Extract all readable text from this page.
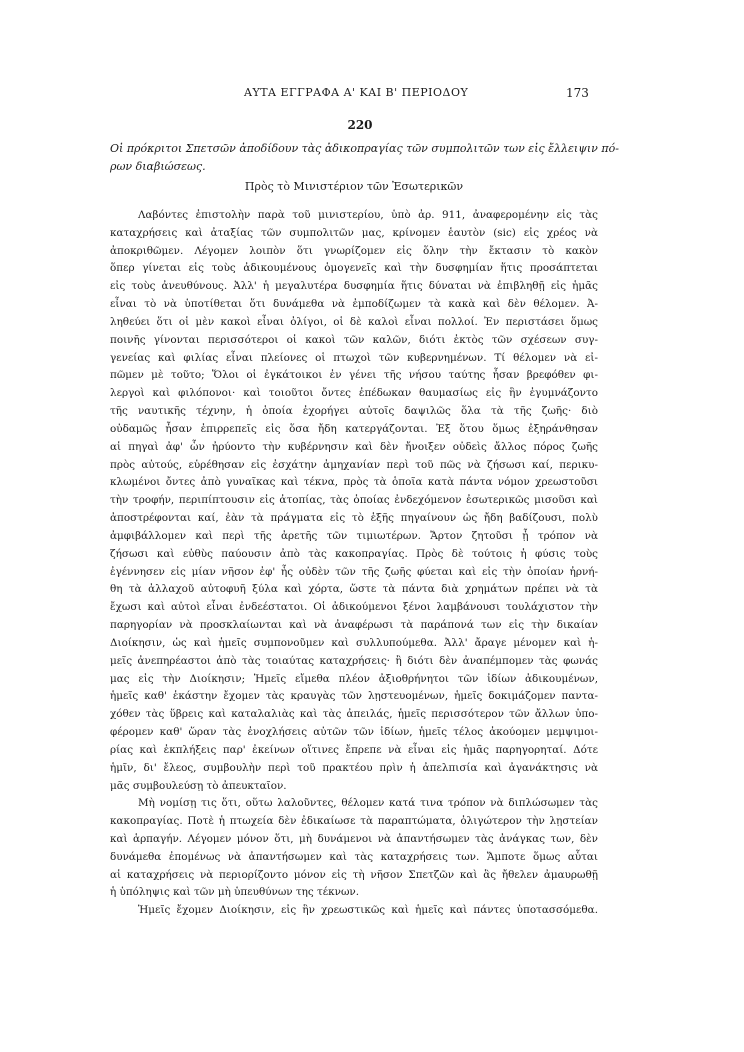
ΑΥΤΑ ΕΓΓΡΑΦΑ Α' ΚΑΙ Β' ΠΕΡΙΟΔΟΥ	173
220
Οἱ πρόκριτοι Σπετσῶν ἀποδίδουν τὰς ἀδικοπραγίας τῶν συμπολιτῶν των εἰς ἔλλειψιν πό-
ρων διαβιώσεως.
Πρὸς τὸ Μινιστέριον τῶν Ἐσωτερικῶν
Λαβόντες ἐπιστολὴν παρὰ τοῦ μινιστερίου, ὑπὸ ἀρ. 911, ἀναφερομένην εἰς τὰς
καταχρήσεις καὶ ἀταξίας τῶν συμπολιτῶν μας, κρίνομεν ἑαυτὸν (sic) εἰς χρέος νὰ
ἀποκριθῶμεν. Λέγομεν λοιπὸν ὅτι γνωρίζομεν εἰς ὅλην τὴν ἔκτασιν τὸ κακὸν
ὅπερ γίνεται εἰς τοὺς ἀδικουμένους ὁμογενεῖς καὶ τὴν δυσφημίαν ἥτις προσάπτεται
εἰς τοὺς ἀνευθύνους. Ἀλλ' ἡ μεγαλυτέρα δυσφημία ἥτις δύναται νὰ ἐπιβληθῇ εἰς ἡμᾶς
εἶναι τὸ νὰ ὑποτίθεται ὅτι δυνάμεθα νὰ ἐμποδίζωμεν τὰ κακὰ καὶ δὲν θέλομεν. Ἀ-
ληθεύει ὅτι οἱ μὲν κακοὶ εἶναι ὀλίγοι, οἱ δὲ καλοὶ εἶναι πολλοί. Ἐν περιστάσει ὅμως
ποινῆς γίνονται περισσότεροι οἱ κακοὶ τῶν καλῶν, διότι ἐκτὸς τῶν σχέσεων συγ-
γενείας καὶ φιλίας εἶναι πλείονες οἱ πτωχοὶ τῶν κυβερνημένων. Τί θέλομεν νὰ εἰ-
πῶμεν μὲ τοῦτο; Ὅλοι οἱ ἐγκάτοικοι ἐν γένει τῆς νήσου ταύτης ἦσαν βρεφόθεν φι-
λεργοὶ καὶ φιλόπονοι· καὶ τοιοῦτοι ὄντες ἐπέδωκαν θαυμασίως εἰς ἣν ἐγυμνάζοντο
τῆς ναυτικῆς τέχνην, ἡ ὁποία ἐχορήγει αὐτοῖς δαψιλῶς ὅλα τὰ τῆς ζωῆς· διὸ
οὐδαμῶς ἦσαν ἐπιρρεπεῖς εἰς ὅσα ἤδη κατεργάζονται. Ἐξ ὅτου ὅμως ἐξηράνθησαν
αἱ πηγαὶ ἀφ' ὧν ἠρύοντο τὴν κυβέρνησιν καὶ δὲν ἤνοιξεν οὐδεὶς ἄλλος πόρος ζωῆς
πρὸς αὐτούς, εὑρέθησαν εἰς ἐσχάτην ἀμηχανίαν περὶ τοῦ πῶς νὰ ζήσωσι καί, περικυ-
κλωμένοι ὄντες ἀπὸ γυναῖκας καὶ τέκνα, πρὸς τὰ ὁποῖα κατὰ πάντα νόμον χρεωστοῦσι
τὴν τροφήν, περιπίπτουσιν εἰς ἀτοπίας, τὰς ὁποίας ἐνδεχόμενον ἐσωτερικῶς μισοῦσι καὶ
ἀποστρέφονται καί, ἐὰν τὰ πράγματα εἰς τὸ ἑξῆς πηγαίνουν ὡς ἤδη βαδίζουσι, πολὺ
ἀμφιβάλλομεν καὶ περὶ τῆς ἀρετῆς τῶν τιμιωτέρων. Ἄρτον ζητοῦσι ᾗ τρόπον νὰ
ζήσωσι καὶ εὐθὺς παύουσιν ἀπὸ τὰς κακοπραγίας. Πρὸς δὲ τούτοις ἡ φύσις τοὺς
ἐγέννησεν εἰς μίαν νῆσον ἐφ' ἧς οὐδὲν τῶν τῆς ζωῆς φύεται καὶ εἰς τὴν ὁποίαν ἠρνή-
θη τὰ ἀλλαχοῦ αὐτοφυῆ ξύλα καὶ χόρτα, ὥστε τὰ πάντα διὰ χρημάτων πρέπει νὰ τὰ
ἔχωσι καὶ αὐτοὶ εἶναι ἐνδεέστατοι. Οἱ ἀδικούμενοι ξένοι λαμβάνουσι τουλάχιστον τὴν
παρηγορίαν νὰ προσκλαίωνται καὶ νὰ ἀναφέρωσι τὰ παράπονά των εἰς τὴν δικαίαν
Διοίκησιν, ὡς καὶ ἡμεῖς συμπονοῦμεν καὶ συλλυπούμεθα. Ἀλλ' ἄραγε μένομεν καὶ ἡ-
μεῖς ἀνεπηρέαστοι ἀπὸ τὰς τοιαύτας καταχρήσεις· ἢ διότι δὲν ἀναπέμπομεν τὰς φωνάς
μας εἰς τὴν Διοίκησιν; Ἡμεῖς εἴμεθα πλέον ἀξιοθρήνητοι τῶν ἰδίων ἀδικουμένων,
ἡμεῖς καθ' ἑκάστην ἔχομεν τὰς κραυγὰς τῶν λῃστευομένων, ἡμεῖς δοκιμάζομεν παντα-
χόθεν τὰς ὕβρεις καὶ καταλαλιὰς καὶ τὰς ἀπειλάς, ἡμεῖς περισσότερον τῶν ἄλλων ὑπο-
φέρομεν καθ' ὥραν τὰς ἐνοχλήσεις αὐτῶν τῶν ἰδίων, ἡμεῖς τέλος ἀκούομεν μεμψιμοι-
ρίας καὶ ἐκπλήξεις παρ' ἐκείνων οἵτινες ἔπρεπε νὰ εἶναι εἰς ἡμᾶς παρηγορηταί. Δότε
ἡμῖν, δι' ἔλεος, συμβουλὴν περὶ τοῦ πρακτέου πρὶν ἡ ἀπελπισία καὶ ἀγανάκτησις νὰ
μᾶς συμβουλεύσῃ τὸ ἀπευκταῖον.
Μὴ νομίσῃ τις ὅτι, οὕτω λαλοῦντες, θέλομεν κατά τινα τρόπον νὰ διπλώσωμεν τὰς
κακοπραγίας. Ποτὲ ἡ πτωχεία δὲν ἐδικαίωσε τὰ παραπτώματα, ὀλιγώτερον τὴν λῃστείαν
καὶ ἁρπαγήν. Λέγομεν μόνον ὅτι, μὴ δυνάμενοι νὰ ἀπαντήσωμεν τὰς ἀνάγκας των, δὲν
δυνάμεθα ἐπομένως νὰ ἀπαντήσωμεν καὶ τὰς καταχρήσεις των. Ἄμποτε ὅμως αὗται
αἱ καταχρήσεις νὰ περιορίζοντο μόνον εἰς τὴ νῆσον Σπετζῶν καὶ ἂς ἤθελεν ἀμαυρωθῇ
ἡ ὑπόληψις καὶ τῶν μὴ ὑπευθύνων της τέκνων.
Ἡμεῖς ἔχομεν Διοίκησιν, εἰς ἣν χρεωστικῶς καὶ ἡμεῖς καὶ πάντες ὑποτασσόμεθα.
